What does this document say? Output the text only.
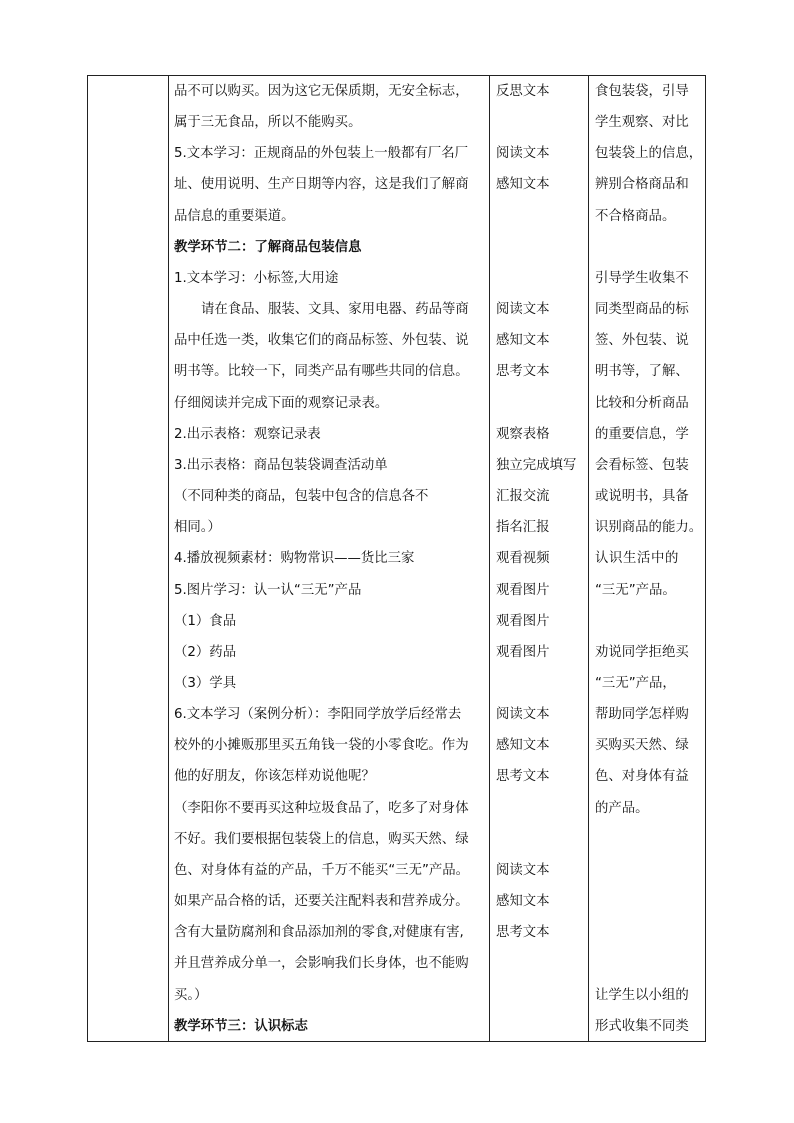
品不可以购买。因为这它无保质期，无安全标志，
属于三无食品，所以不能购买。
5.文本学习：正规商品的外包装上一般都有厂名厂
址、使用说明、生产日期等内容，这是我们了解商
品信息的重要渠道。
教学环节二：了解商品包装信息
1.文本学习：小标签,大用途
请在食品、服装、文具、家用电器、药品等商
品中任选一类，收集它们的商品标签、外包装、说
明书等。比较一下，同类产品有哪些共同的信息。
仔细阅读并完成下面的观察记录表。
2.出示表格：观察记录表
3.出示表格：商品包装袋调查活动单
（不同种类的商品，包装中包含的信息各不
相同。）
4.播放视频素材：购物常识——货比三家
5.图片学习：认一认“三无”产品
（1）食品
（2）药品
（3）学具
6.文本学习（案例分析）：李阳同学放学后经常去
校外的小摊贩那里买五角钱一袋的小零食吃。作为
他的好朋友，你该怎样劝说他呢？
（李阳你不要再买这种垃圾食品了，吃多了对身体
不好。我们要根据包装袋上的信息，购买天然、绿
色、对身体有益的产品，千万不能买“三无”产品。
如果产品合格的话，还要关注配料表和营养成分。
含有大量防腐剂和食品添加剂的零食,对健康有害,
并且营养成分单一，会影响我们长身体，也不能购
买。）
教学环节三：认识标志
反思文本
阅读文本
感知文本
阅读文本
感知文本
思考文本
观察表格
独立完成填写
汇报交流
指名汇报
观看视频
观看图片
观看图片
观看图片
阅读文本
感知文本
思考文本
阅读文本
感知文本
思考文本
食包装袋，引导
学生观察、对比
包装袋上的信息，
辨别合格商品和
不合格商品。
引导学生收集不
同类型商品的标
签、外包装、说
明书等，了解、
比较和分析商品
的重要信息，学
会看标签、包装
或说明书，具备
识别商品的能力。
认识生活中的
“三无”产品。
劝说同学拒绝买
“三无”产品，
帮助同学怎样购
买购买天然、绿
色、对身体有益
的产品。
让学生以小组的
形式收集不同类
